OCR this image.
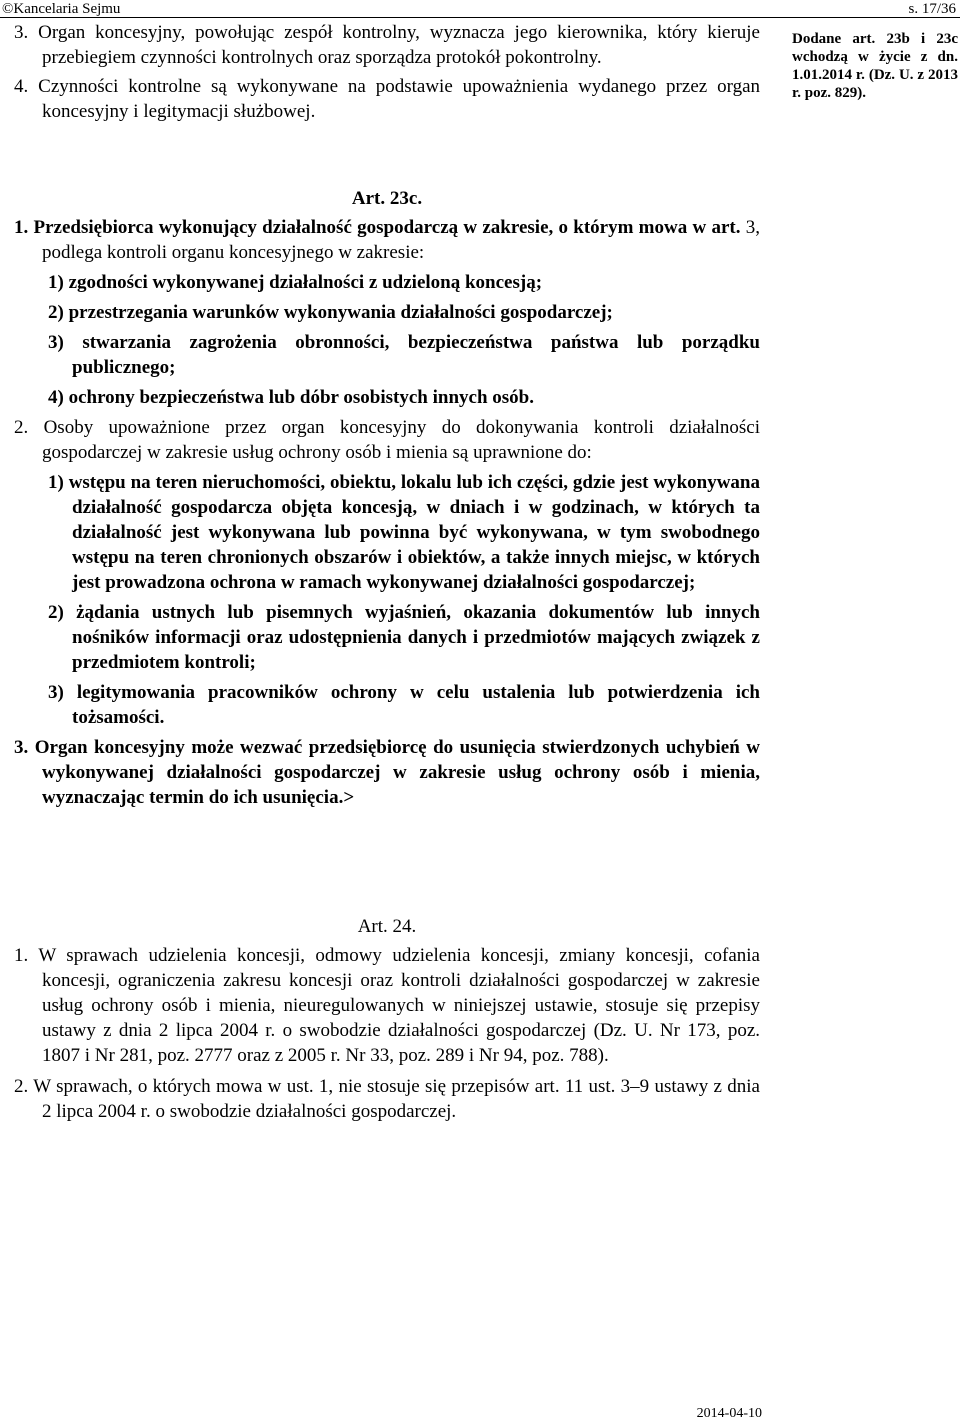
©Kancelaria Sejmu	s. 17/36

3. Organ koncesyjny, powołując zespół kontrolny, wyznacza jego kierownika, który kieruje przebiegiem czynności kontrolnych oraz sporządza protokół pokontrolny.

4. Czynności kontrolne są wykonywane na podstawie upoważnienia wydanego przez organ koncesyjny i legitymacji służbowej.

Dodane art. 23b i 23c wchodzą w życie z dn. 1.01.2014 r. (Dz. U. z 2013 r. poz. 829).

Art. 23c.

1. Przedsiębiorca wykonujący działalność gospodarczą w zakresie, o którym mowa w art. 3, podlega kontroli organu koncesyjnego w zakresie:

1) zgodności wykonywanej działalności z udzieloną koncesją;
2) przestrzegania warunków wykonywania działalności gospodarczej;
3) stwarzania zagrożenia obronności, bezpieczeństwa państwa lub porządku publicznego;
4) ochrony bezpieczeństwa lub dóbr osobistych innych osób.

2. Osoby upoważnione przez organ koncesyjny do dokonywania kontroli działalności gospodarczej w zakresie usług ochrony osób i mienia są uprawnione do:

1) wstępu na teren nieruchomości, obiektu, lokalu lub ich części, gdzie jest wykonywana działalność gospodarcza objęta koncesją, w dniach i w godzinach, w których ta działalność jest wykonywana lub powinna być wykonywana, w tym swobodnego wstępu na teren chronionych obszarów i obiektów, a także innych miejsc, w których jest prowadzona ochrona w ramach wykonywanej działalności gospodarczej;
2) żądania ustnych lub pisemnych wyjaśnień, okazania dokumentów lub innych nośników informacji oraz udostępnienia danych i przedmiotów mających związek z przedmiotem kontroli;
3) legitymowania pracowników ochrony w celu ustalenia lub potwierdzenia ich tożsamości.

3. Organ koncesyjny może wezwać przedsiębiorcę do usunięcia stwierdzonych uchybień w wykonywanej działalności gospodarczej w zakresie usług ochrony osób i mienia, wyznaczając termin do ich usunięcia.>

Art. 24.

1. W sprawach udzielenia koncesji, odmowy udzielenia koncesji, zmiany koncesji, cofania koncesji, ograniczenia zakresu koncesji oraz kontroli działalności gospodarczej w zakresie usług ochrony osób i mienia, nieuregulowanych w niniejszej ustawie, stosuje się przepisy ustawy z dnia 2 lipca 2004 r. o swobodzie działalności gospodarczej (Dz. U. Nr 173, poz. 1807 i Nr 281, poz. 2777 oraz z 2005 r. Nr 33, poz. 289 i Nr 94, poz. 788).

2. W sprawach, o których mowa w ust. 1, nie stosuje się przepisów art. 11 ust. 3–9 ustawy z dnia 2 lipca 2004 r. o swobodzie działalności gospodarczej.

2014-04-10
